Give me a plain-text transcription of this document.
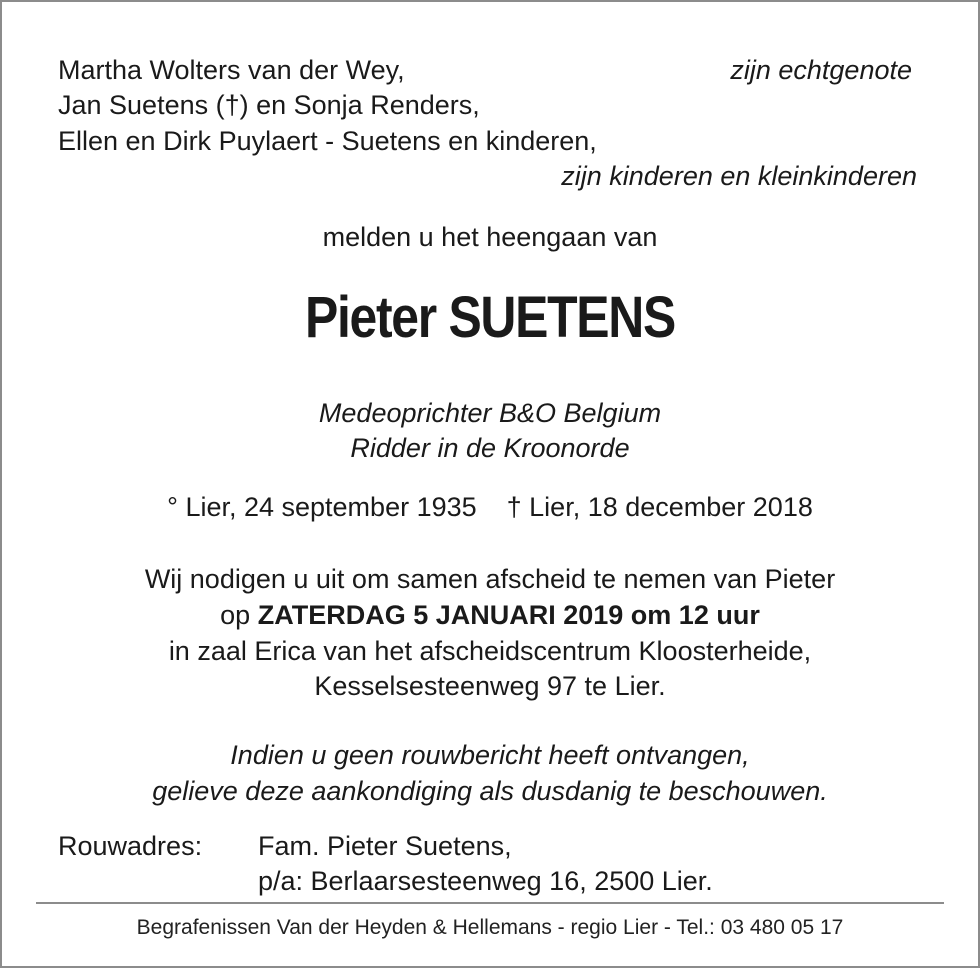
Martha Wolters van der Wey,	zijn echtgenote
Jan Suetens (†) en Sonja Renders,
Ellen en Dirk Puylaert - Suetens en kinderen,
zijn kinderen en kleinkinderen
melden u het heengaan van
Pieter SUETENS
Medeoprichter B&O Belgium
Ridder in de Kroonorde
° Lier, 24 september 1935 † Lier, 18 december 2018
Wij nodigen u uit om samen afscheid te nemen van Pieter
op ZATERDAG 5 JANUARI 2019 om 12 uur
in zaal Erica van het afscheidscentrum Kloosterheide,
Kesselsesteenweg 97 te Lier.
Indien u geen rouwbericht heeft ontvangen,
gelieve deze aankondiging als dusdanig te beschouwen.
Rouwadres: Fam. Pieter Suetens,
p/a: Berlaarsesteenweg 16, 2500 Lier.
Begrafenissen Van der Heyden & Hellemans - regio Lier - Tel.: 03 480 05 17
